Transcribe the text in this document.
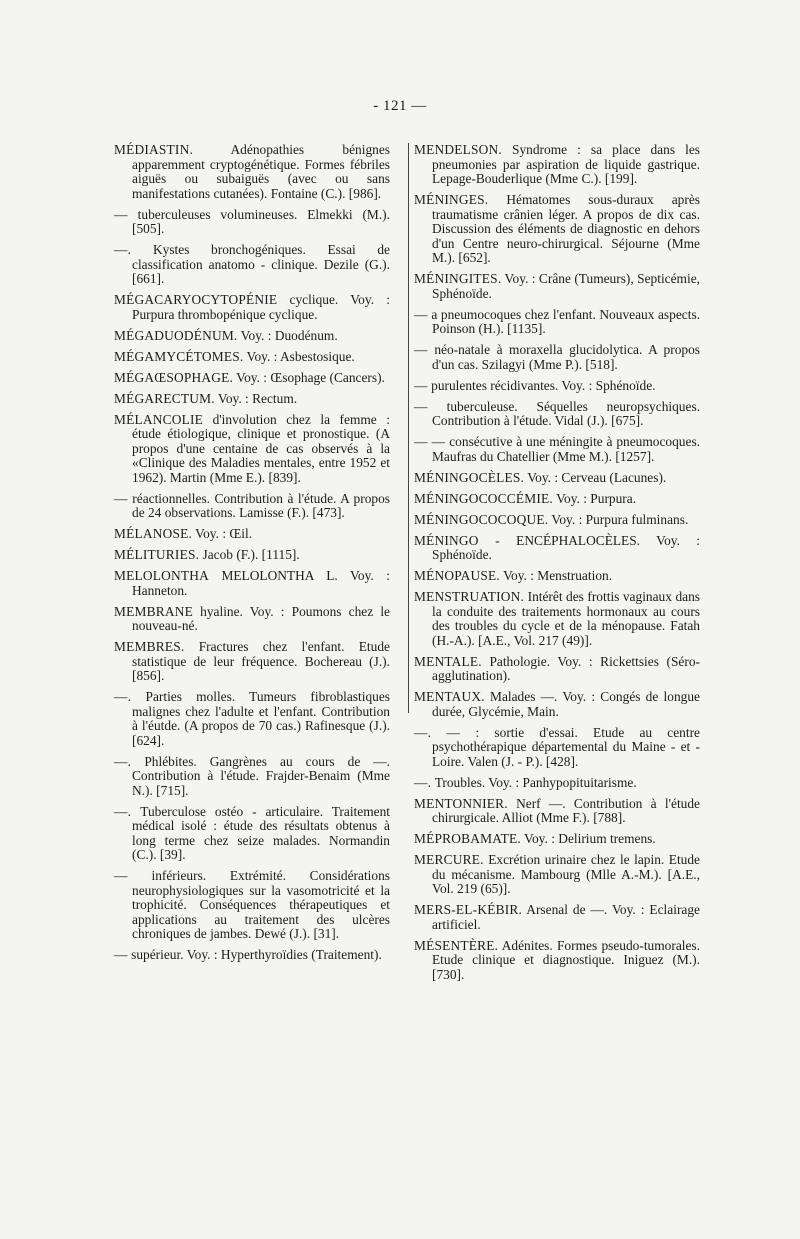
- 121 —

MÉDIASTIN. Adénopathies bénignes apparemment cryptogénétique. Formes fébriles aiguës ou subaiguës (avec ou sans manifestations cutanées). Fontaine (C.). [986].

— tuberculeuses volumineuses. Elmekki (M.). [505].

—. Kystes bronchogéniques. Essai de classification anatomo - clinique. Dezile (G.). [661].

MÉGACARYOCYTOPÉNIE cyclique. Voy. : Purpura thrombopénique cyclique.

MÉGADUODÉNUM. Voy. : Duodénum.

MÉGAMYCÉTOMES. Voy. : Asbestosique.

MÉGAŒSOPHAGE. Voy. : Œsophage (Cancers).

MÉGARECTUM. Voy. : Rectum.

MÉLANCOLIE d'involution chez la femme : étude étiologique, clinique et pronostique. (A propos d'une centaine de cas observés à la «Clinique des Maladies mentales, entre 1952 et 1962). Martin (Mme E.). [839].

— réactionnelles. Contribution à l'étude. A propos de 24 observations. Lamisse (F.). [473].

MÉLANOSE. Voy. : Œil.

MÉLITURIES. Jacob (F.). [1115].

MELOLONTHA MELOLONTHA L. Voy. : Hanneton.

MEMBRANE hyaline. Voy. : Poumons chez le nouveau-né.

MEMBRES. Fractures chez l'enfant. Etude statistique de leur fréquence. Bochereau (J.). [856].

—. Parties molles. Tumeurs fibroblastiques malignes chez l'adulte et l'enfant. Contribution à l'éutde. (A propos de 70 cas.) Rafinesque (J.). [624].

—. Phlébites. Gangrènes au cours de —. Contribution à l'étude. Frajder-Benaim (Mme N.). [715].

—. Tuberculose ostéo - articulaire. Traitement médical isolé : étude des résultats obtenus à long terme chez seize malades. Normandin (C.). [39].

— inférieurs. Extrémité. Considérations neurophysiologiques sur la vasomotricité et la trophicité. Conséquences thérapeutiques et applications au traitement des ulcères chroniques de jambes. Dewé (J.). [31].

— supérieur. Voy. : Hyperthyroïdies (Traitement).

MENDELSON. Syndrome : sa place dans les pneumonies par aspiration de liquide gastrique. Lepage-Bouderlique (Mme C.). [199].

MÉNINGES. Hématomes sous-duraux après traumatisme crânien léger. A propos de dix cas. Discussion des éléments de diagnostic en dehors d'un Centre neuro-chirurgical. Séjourne (Mme M.). [652].

MÉNINGITES. Voy. : Crâne (Tumeurs), Septicémie, Sphénoïde.

— a pneumocoques chez l'enfant. Nouveaux aspects. Poinson (H.). [1135].

— néo-natale à moraxella glucidolytica. A propos d'un cas. Szilagyi (Mme P.). [518].

— purulentes récidivantes. Voy. : Sphénoïde.

— tuberculeuse. Séquelles neuropsychiques. Contribution à l'étude. Vidal (J.). [675].

— — consécutive à une méningite à pneumocoques. Maufras du Chatellier (Mme M.). [1257].

MÉNINGOCÈLES. Voy. : Cerveau (Lacunes).

MÉNINGOCOCCÉMIE. Voy. : Purpura.

MÉNINGOCOCOQUE. Voy. : Purpura fulminans.

MÉNINGO - ENCÉPHALOCÈLES. Voy. : Sphénoïde.

MÉNOPAUSE. Voy. : Menstruation.

MENSTRUATION. Intérêt des frottis vaginaux dans la conduite des traitements hormonaux au cours des troubles du cycle et de la ménopause. Fatah (H.-A.). [A.E., Vol. 217 (49)].

MENTALE. Pathologie. Voy. : Rickettsies (Séro-agglutination).

MENTAUX. Malades —. Voy. : Congés de longue durée, Glycémie, Main.

—. — : sortie d'essai. Etude au centre psychothérapique départemental du Maine - et - Loire. Valen (J. - P.). [428].

—. Troubles. Voy. : Panhypopituitarisme.

MENTONNIER. Nerf —. Contribution à l'étude chirurgicale. Alliot (Mme F.). [788].

MÉPROBAMATE. Voy. : Delirium tremens.

MERCURE. Excrétion urinaire chez le lapin. Etude du mécanisme. Mambourg (Mlle A.-M.). [A.E., Vol. 219 (65)].

MERS-EL-KÉBIR. Arsenal de —. Voy. : Eclairage artificiel.

MÉSENTÈRE. Adénites. Formes pseudo-tumorales. Etude clinique et diagnostique. Iniguez (M.). [730].
